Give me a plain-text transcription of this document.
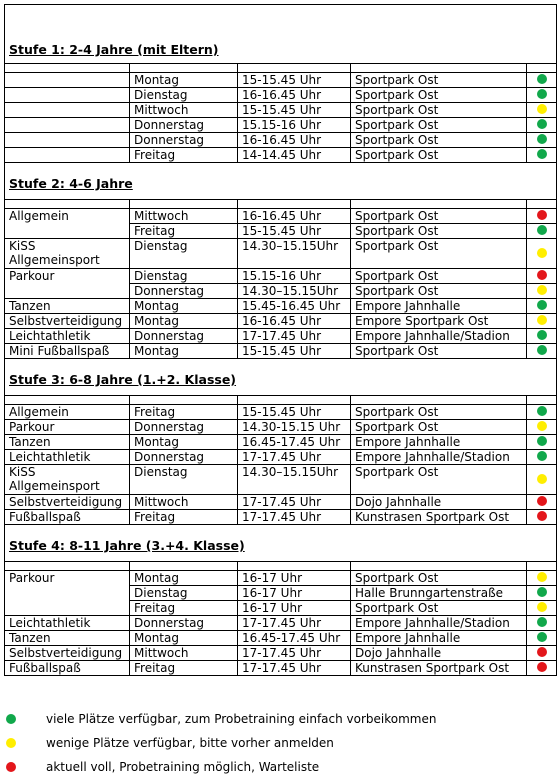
Stufe 1: 2-4 Jahre (mit Eltern)				

	Montag	15-15.45 Uhr	Sportpark Ost	
	Dienstag	16-16.45 Uhr	Sportpark Ost	
	Mittwoch	15-15.45 Uhr	Sportpark Ost	
	Donnerstag	15.15-16 Uhr	Sportpark Ost	
	Donnerstag	16-16.45 Uhr	Sportpark Ost	
	Freitag	14-14.45 Uhr	Sportpark Ost	
Stufe 2: 4-6 Jahre				

Allgemein	Mittwoch	16-16.45 Uhr	Sportpark Ost	
	Freitag	15-15.45 Uhr	Sportpark Ost	
KiSS Allgemeinsport	Dienstag	14.30–15.15Uhr	Sportpark Ost	
Parkour	Dienstag	15.15-16 Uhr	Sportpark Ost	
	Donnerstag	14.30–15.15Uhr	Sportpark Ost	
Tanzen	Montag	15.45-16.45 Uhr	Empore Jahnhalle	
Selbstverteidigung	Montag	16-16.45 Uhr	Empore Sportpark Ost	
Leichtathletik	Donnerstag	17-17.45 Uhr	Empore Jahnhalle/Stadion	
Mini Fußballspaß	Montag	15-15.45 Uhr	Sportpark Ost	
Stufe 3: 6-8 Jahre (1.+2. Klasse)				

Allgemein	Freitag	15-15.45 Uhr	Sportpark Ost	
Parkour	Donnerstag	14.30-15.15 Uhr	Sportpark Ost	
Tanzen	Montag	16.45-17.45 Uhr	Empore Jahnhalle	
Leichtathletik	Donnerstag	17-17.45 Uhr	Empore Jahnhalle/Stadion	
KiSS Allgemeinsport	Dienstag	14.30–15.15Uhr	Sportpark Ost	
Selbstverteidigung	Mittwoch	17-17.45 Uhr	Dojo Jahnhalle	
Fußballspaß	Freitag	17-17.45 Uhr	Kunstrasen Sportpark Ost	
Stufe 4: 8-11 Jahre (3.+4. Klasse)				

Parkour	Montag	16-17 Uhr	Sportpark Ost	
	Dienstag	16-17 Uhr	Halle Brunngartenstraße	
	Freitag	16-17 Uhr	Sportpark Ost	
Leichtathletik	Donnerstag	17-17.45 Uhr	Empore Jahnhalle/Stadion	
Tanzen	Montag	16.45-17.45 Uhr	Empore Jahnhalle	
Selbstverteidigung	Mittwoch	17-17.45 Uhr	Dojo Jahnhalle	
Fußballspaß	Freitag	17-17.45 Uhr	Kunstrasen Sportpark Ost	
viele Plätze verfügbar, zum Probetraining einfach vorbeikommen
wenige Plätze verfügbar, bitte vorher anmelden
aktuell voll, Probetraining möglich, Warteliste
